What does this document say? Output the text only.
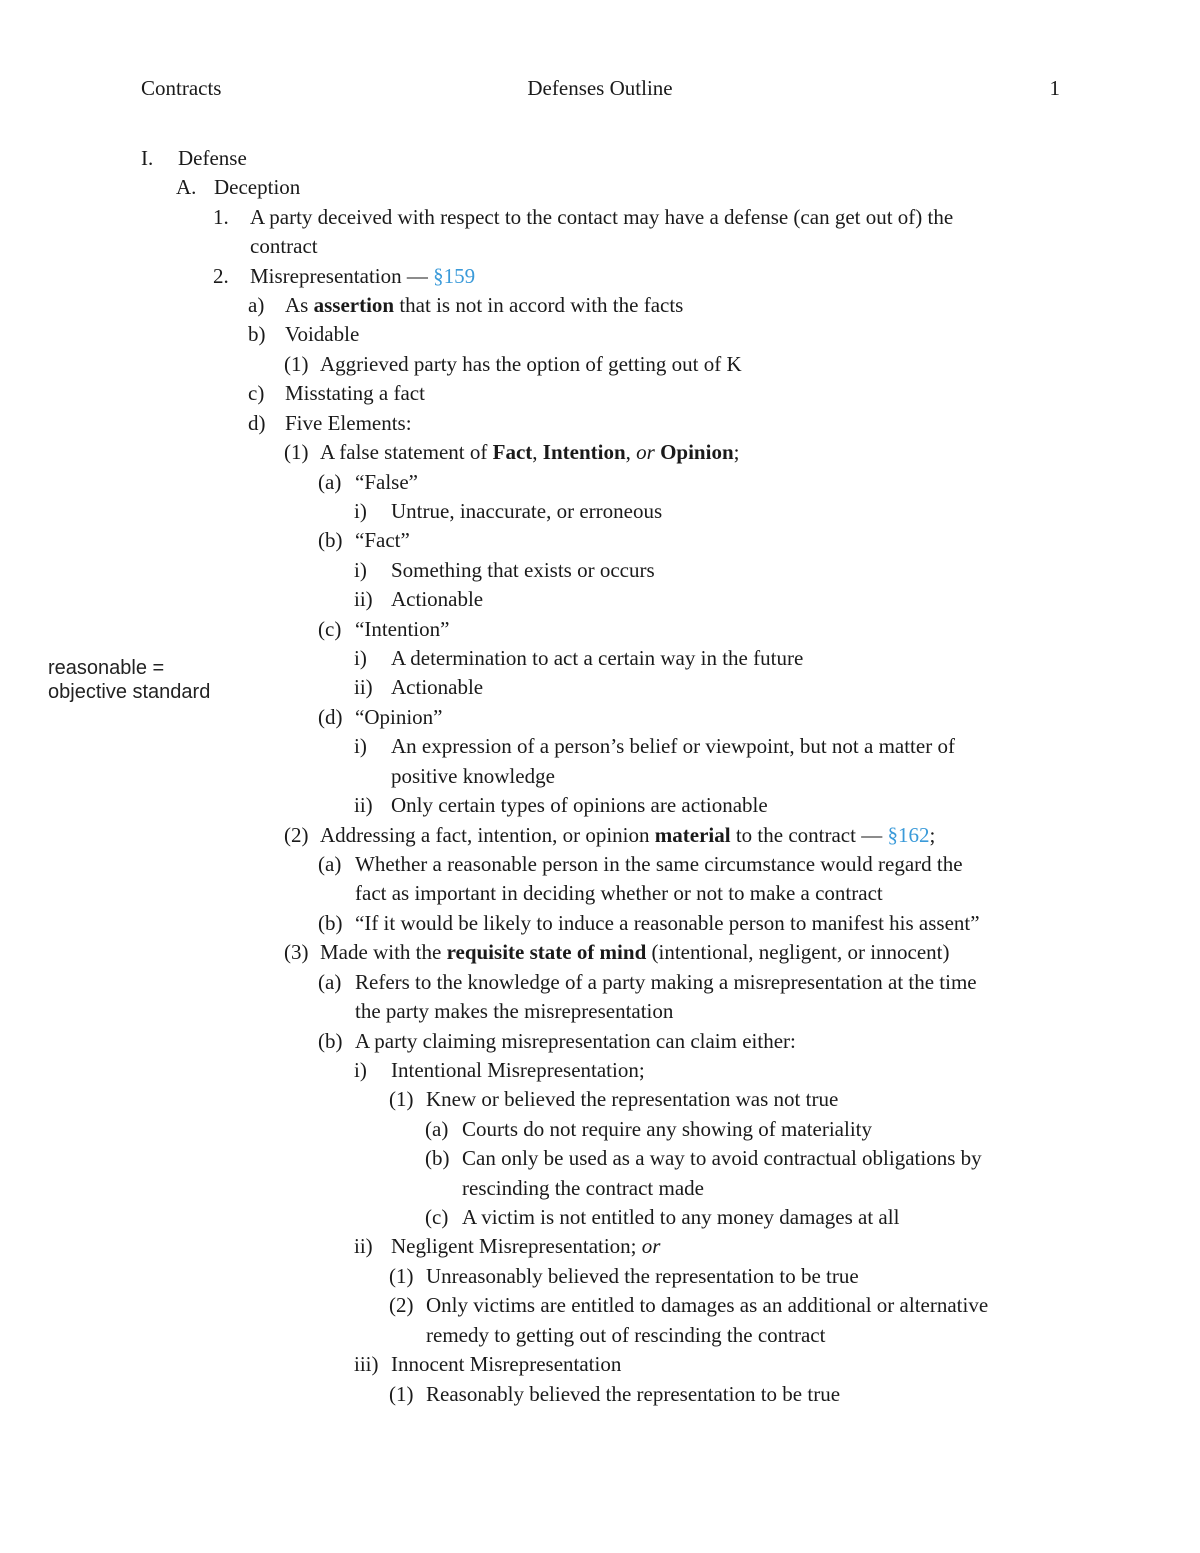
Contracts	Defenses Outline	1
reasonable =
objective standard
I. Defense
A. Deception
1. A party deceived with respect to the contact may have a defense (can get out of) the
contract
2. Misrepresentation — §159
a) As assertion that is not in accord with the facts
b) Voidable
(1) Aggrieved party has the option of getting out of K
c) Misstating a fact
d) Five Elements:
(1) A false statement of Fact, Intention, or Opinion;
(a) “False”
i) Untrue, inaccurate, or erroneous
(b) “Fact”
i) Something that exists or occurs
ii) Actionable
(c) “Intention”
i) A determination to act a certain way in the future
ii) Actionable
(d) “Opinion”
i) An expression of a person’s belief or viewpoint, but not a matter of
positive knowledge
ii) Only certain types of opinions are actionable
(2) Addressing a fact, intention, or opinion material to the contract — §162;
(a) Whether a reasonable person in the same circumstance would regard the
fact as important in deciding whether or not to make a contract
(b) “If it would be likely to induce a reasonable person to manifest his assent”
(3) Made with the requisite state of mind (intentional, negligent, or innocent)
(a) Refers to the knowledge of a party making a misrepresentation at the time
the party makes the misrepresentation
(b) A party claiming misrepresentation can claim either:
i) Intentional Misrepresentation;
(1) Knew or believed the representation was not true
(a) Courts do not require any showing of materiality
(b) Can only be used as a way to avoid contractual obligations by
rescinding the contract made
(c) A victim is not entitled to any money damages at all
ii) Negligent Misrepresentation; or
(1) Unreasonably believed the representation to be true
(2) Only victims are entitled to damages as an additional or alternative
remedy to getting out of rescinding the contract
iii) Innocent Misrepresentation
(1) Reasonably believed the representation to be true
